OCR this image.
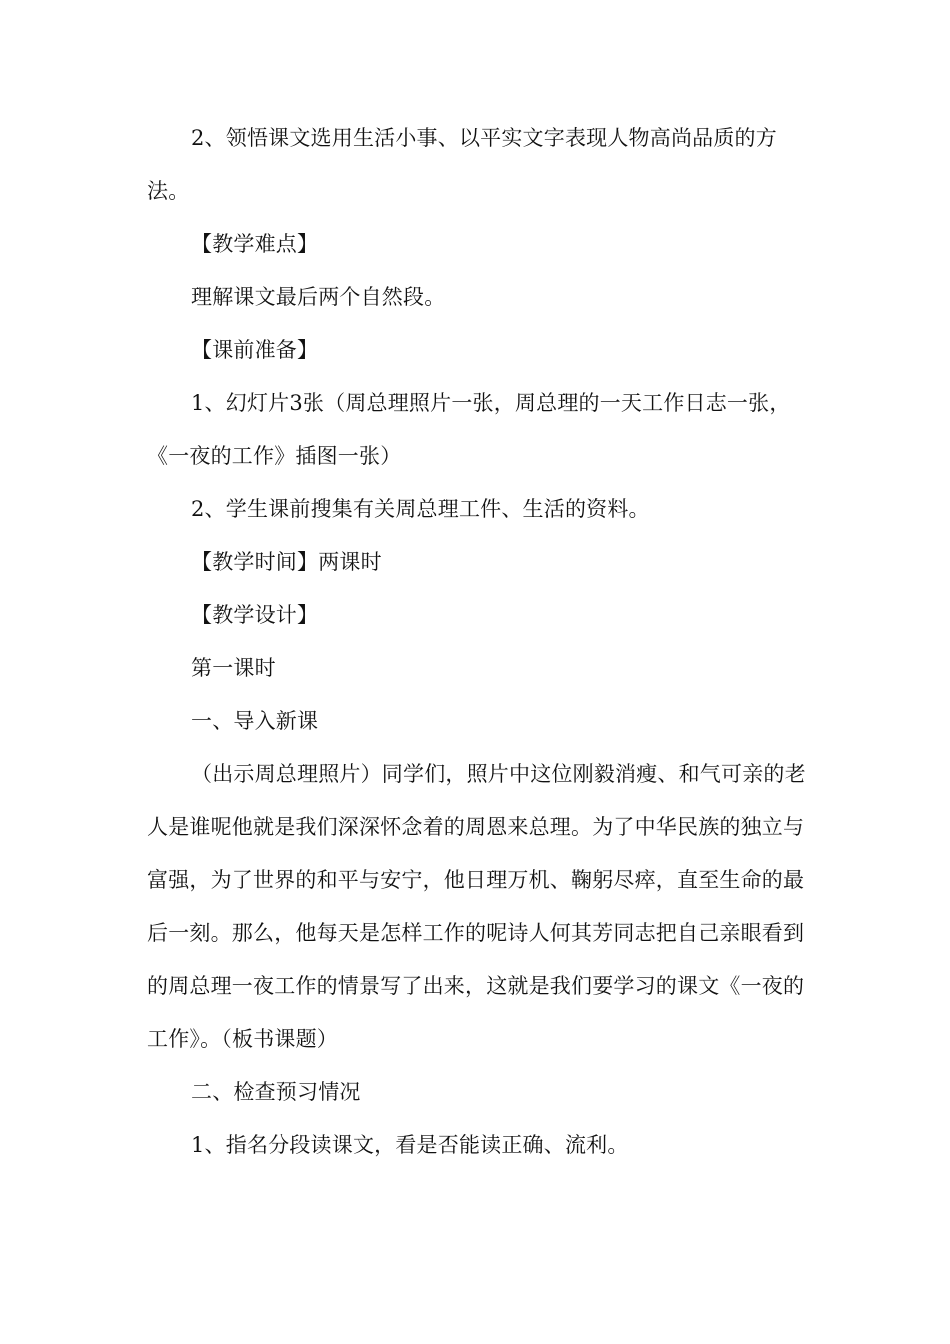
2、领悟课文选用生活小事、以平实文字表现人物高尚品质的方法。

【教学难点】

理解课文最后两个自然段。

【课前准备】

1、幻灯片3张（周总理照片一张，周总理的一天工作日志一张，《一夜的工作》插图一张）

2、学生课前搜集有关周总理工件、生活的资料。

【教学时间】两课时

【教学设计】

第一课时

一、导入新课

（出示周总理照片）同学们，照片中这位刚毅消瘦、和气可亲的老人是谁呢他就是我们深深怀念着的周恩来总理。为了中华民族的独立与富强，为了世界的和平与安宁，他日理万机、鞠躬尽瘁，直至生命的最后一刻。那么，他每天是怎样工作的呢诗人何其芳同志把自己亲眼看到的周总理一夜工作的情景写了出来，这就是我们要学习的课文《一夜的工作》。（板书课题）

二、检查预习情况

1、指名分段读课文，看是否能读正确、流利。
